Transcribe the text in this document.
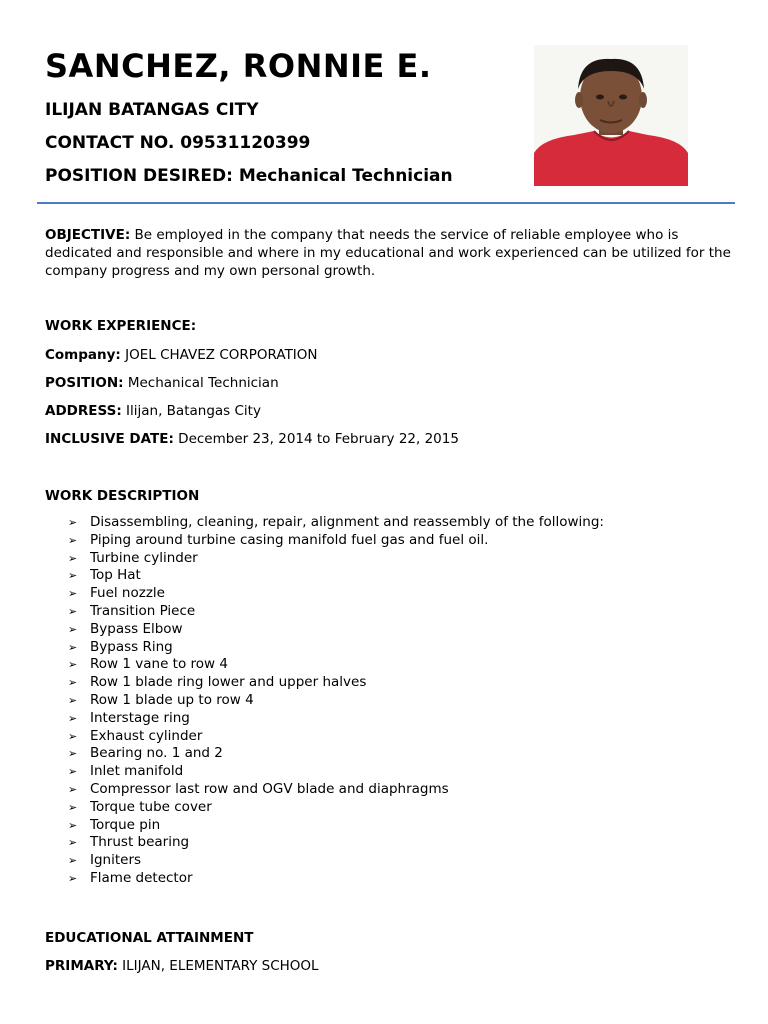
SANCHEZ, RONNIE E.
ILIJAN BATANGAS CITY
CONTACT NO. 09531120399
POSITION DESIRED: Mechanical Technician
OBJECTIVE: Be employed in the company that needs the service of reliable employee who is dedicated and responsible and where in my educational and work experienced can be utilized for the company progress and my own personal growth.
WORK EXPERIENCE:
Company: JOEL CHAVEZ CORPORATION
POSITION: Mechanical Technician
ADDRESS: Ilijan, Batangas City
INCLUSIVE DATE: December 23, 2014 to February 22, 2015
WORK DESCRIPTION
➢ Disassembling, cleaning, repair, alignment and reassembly of the following:
➢ Piping around turbine casing manifold fuel gas and fuel oil.
➢ Turbine cylinder
➢ Top Hat
➢ Fuel nozzle
➢ Transition Piece
➢ Bypass Elbow
➢ Bypass Ring
➢ Row 1 vane to row 4
➢ Row 1 blade ring lower and upper halves
➢ Row 1 blade up to row 4
➢ Interstage ring
➢ Exhaust cylinder
➢ Bearing no. 1 and 2
➢ Inlet manifold
➢ Compressor last row and OGV blade and diaphragms
➢ Torque tube cover
➢ Torque pin
➢ Thrust bearing
➢ Igniters
➢ Flame detector
EDUCATIONAL ATTAINMENT
PRIMARY: ILIJAN, ELEMENTARY SCHOOL
